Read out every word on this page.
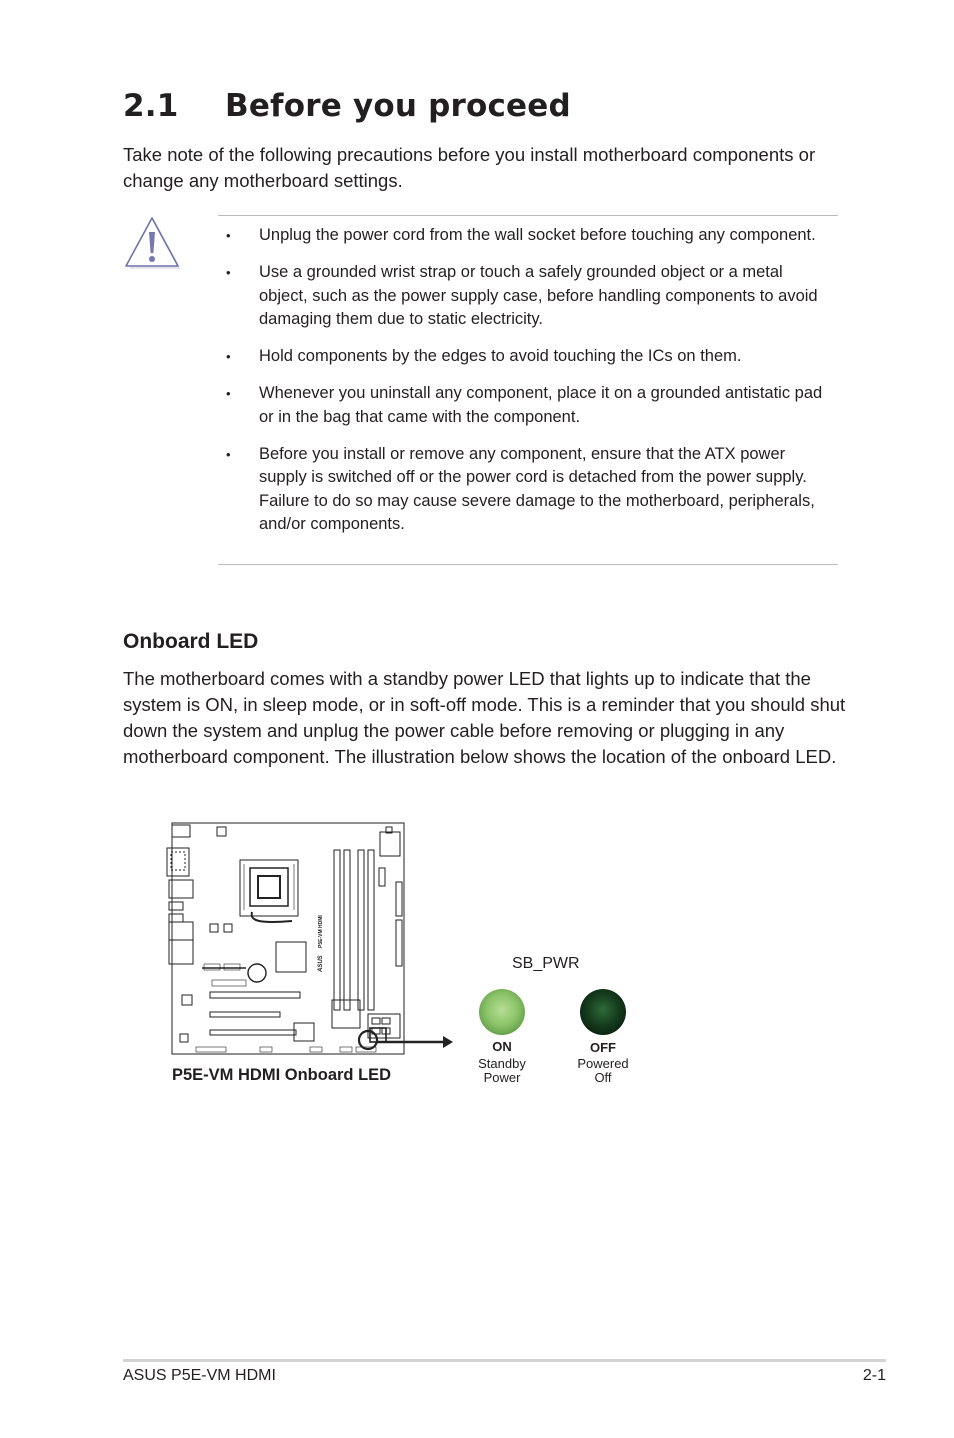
2.1 Before you proceed
Take note of the following precautions before you install motherboard components or change any motherboard settings.
• Unplug the power cord from the wall socket before touching any component.
• Use a grounded wrist strap or touch a safely grounded object or a metal object, such as the power supply case, before handling components to avoid damaging them due to static electricity.
• Hold components by the edges to avoid touching the ICs on them.
• Whenever you uninstall any component, place it on a grounded antistatic pad or in the bag that came with the component.
• Before you install or remove any component, ensure that the ATX power supply is switched off or the power cord is detached from the power supply. Failure to do so may cause severe damage to the motherboard, peripherals, and/or components.
Onboard LED
The motherboard comes with a standby power LED that lights up to indicate that the system is ON, in sleep mode, or in soft-off mode. This is a reminder that you should shut down the system and unplug the power cable before removing or plugging in any motherboard component. The illustration below shows the location of the onboard LED.
P5E-VM HDMI
ASUS
P5E-VM HDMI Onboard LED
SB_PWR
ON
Standby
Power
OFF
Powered
Off
ASUS P5E-VM HDMI	2-1
